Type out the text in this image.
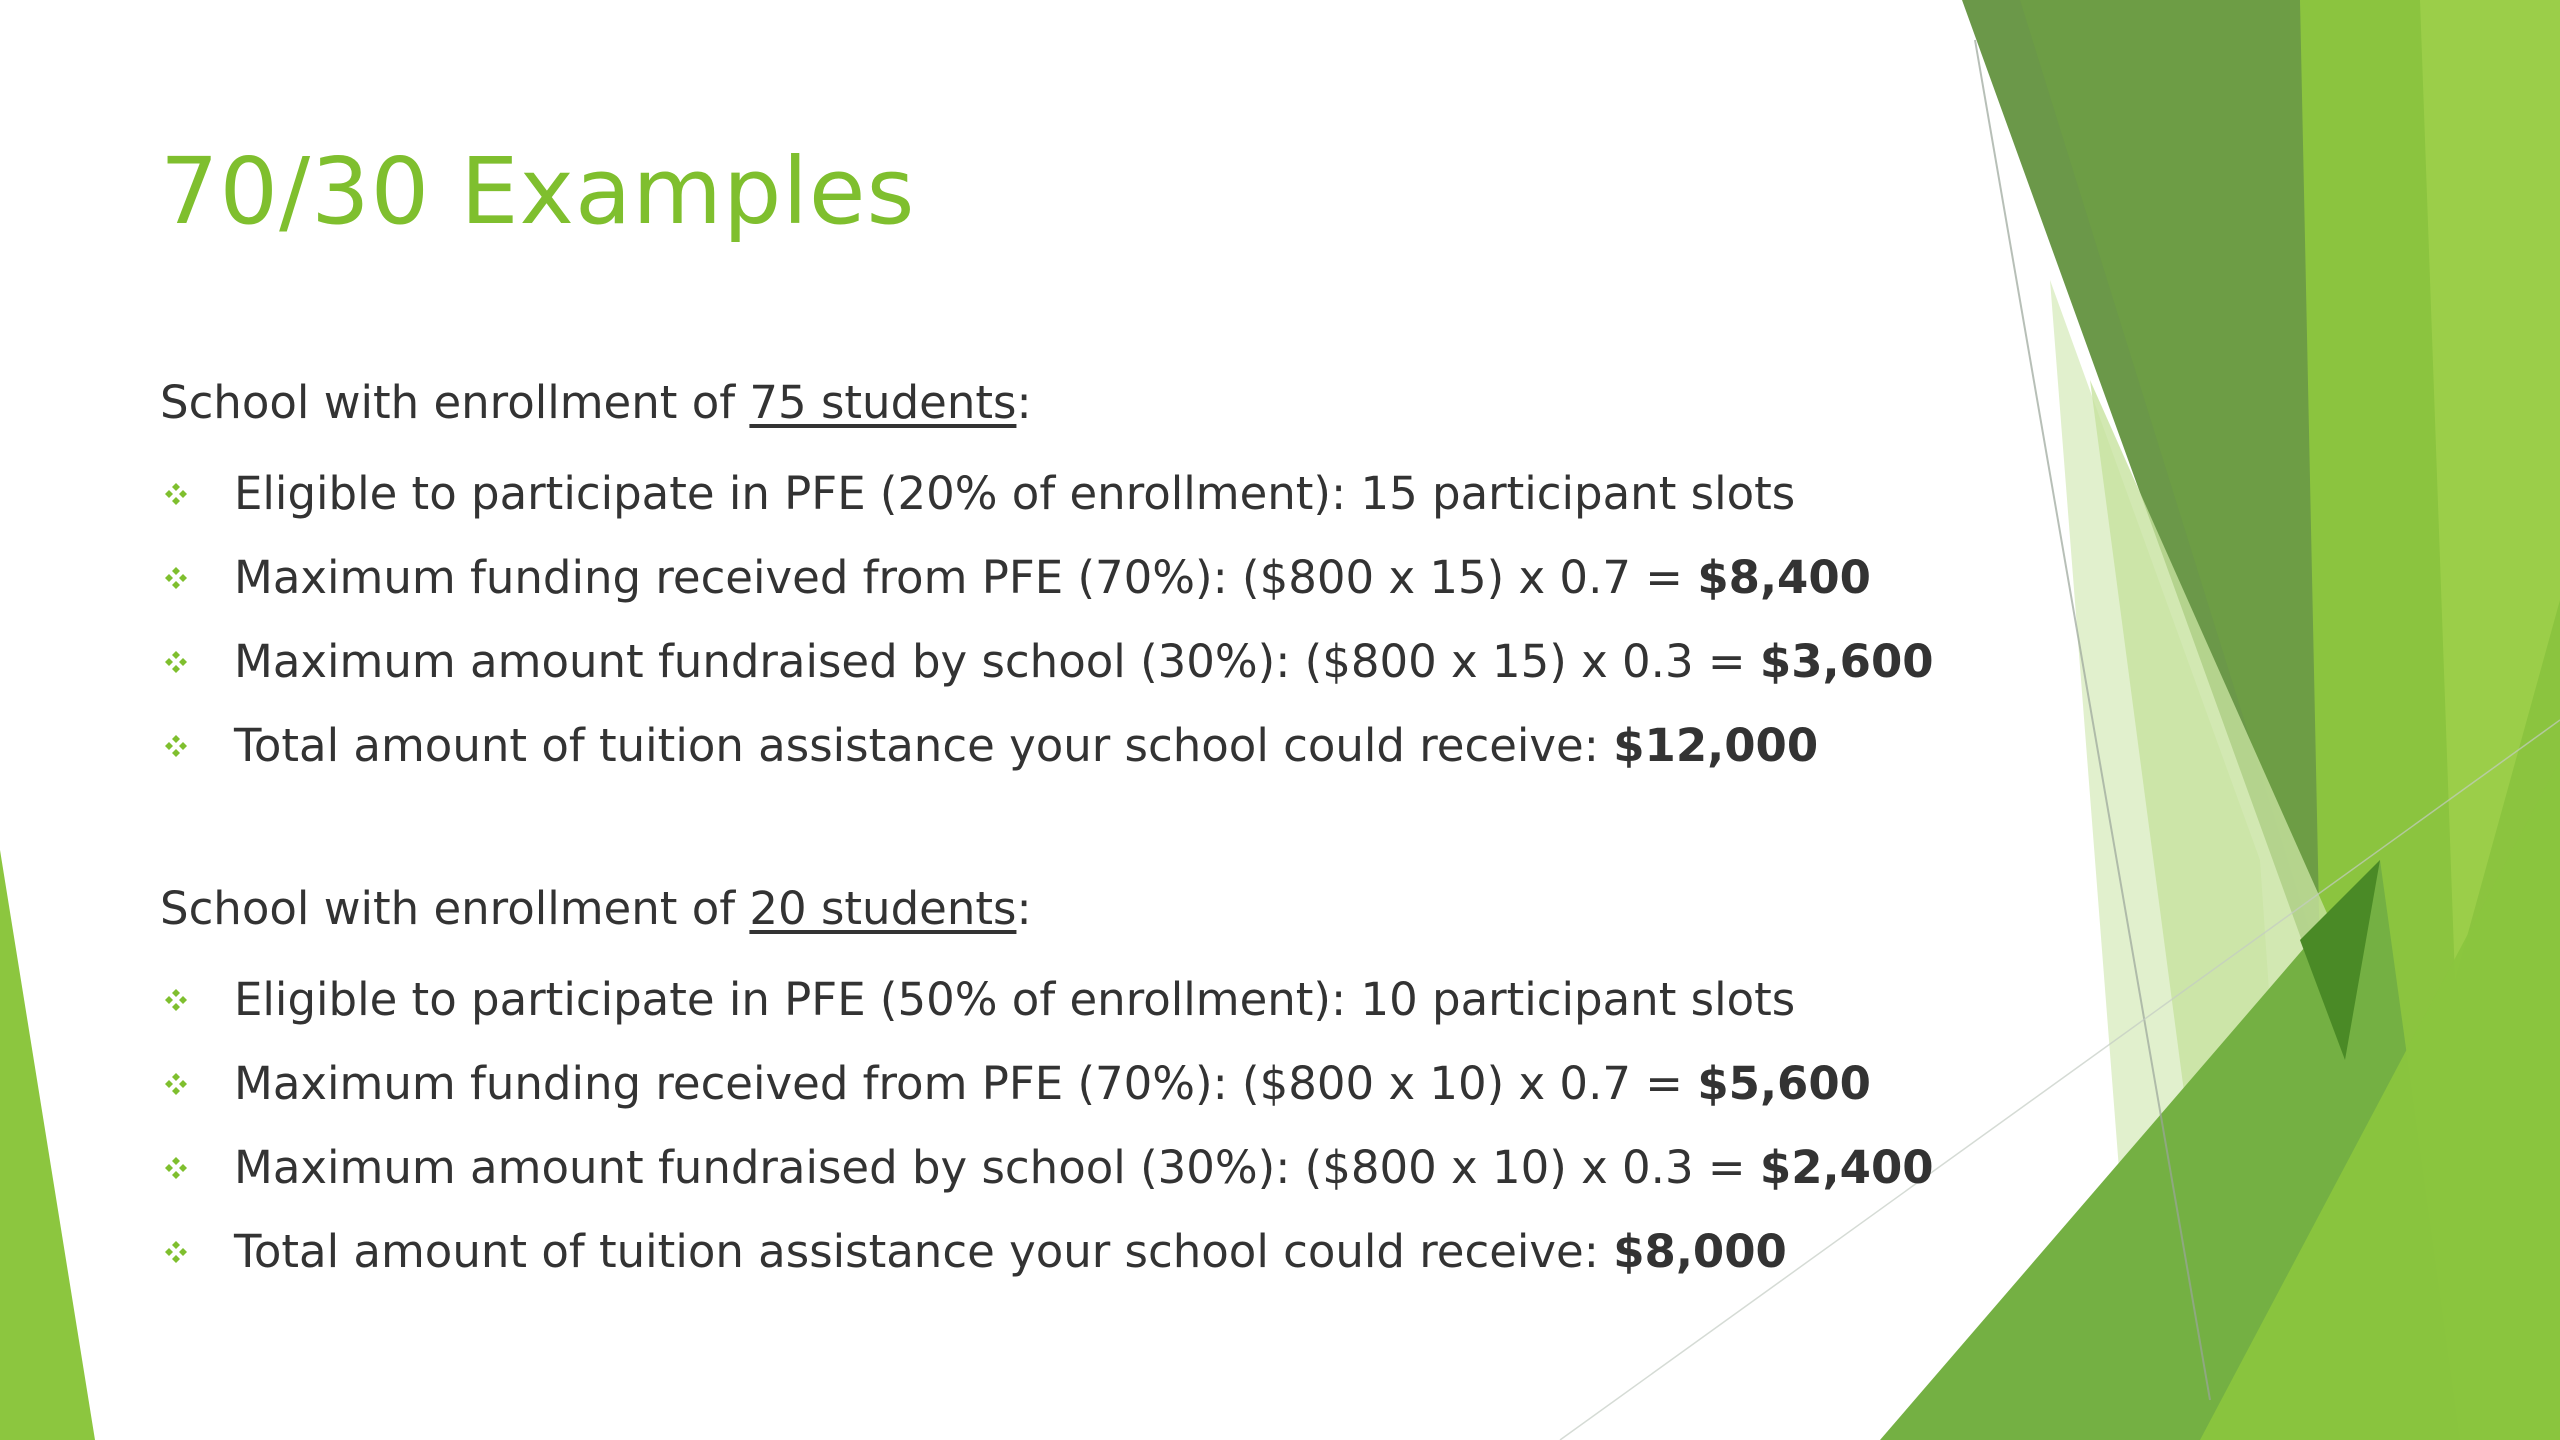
70/30 Examples
School with enrollment of 75 students:
Eligible to participate in PFE (20% of enrollment): 15 participant slots
Maximum funding received from PFE (70%): ($800 x 15) x 0.7 = $8,400
Maximum amount fundraised by school (30%): ($800 x 15) x 0.3 = $3,600
Total amount of tuition assistance your school could receive: $12,000
School with enrollment of 20 students:
Eligible to participate in PFE (50% of enrollment): 10 participant slots
Maximum funding received from PFE (70%): ($800 x 10) x 0.7 = $5,600
Maximum amount fundraised by school (30%): ($800 x 10) x 0.3 = $2,400
Total amount of tuition assistance your school could receive: $8,000
